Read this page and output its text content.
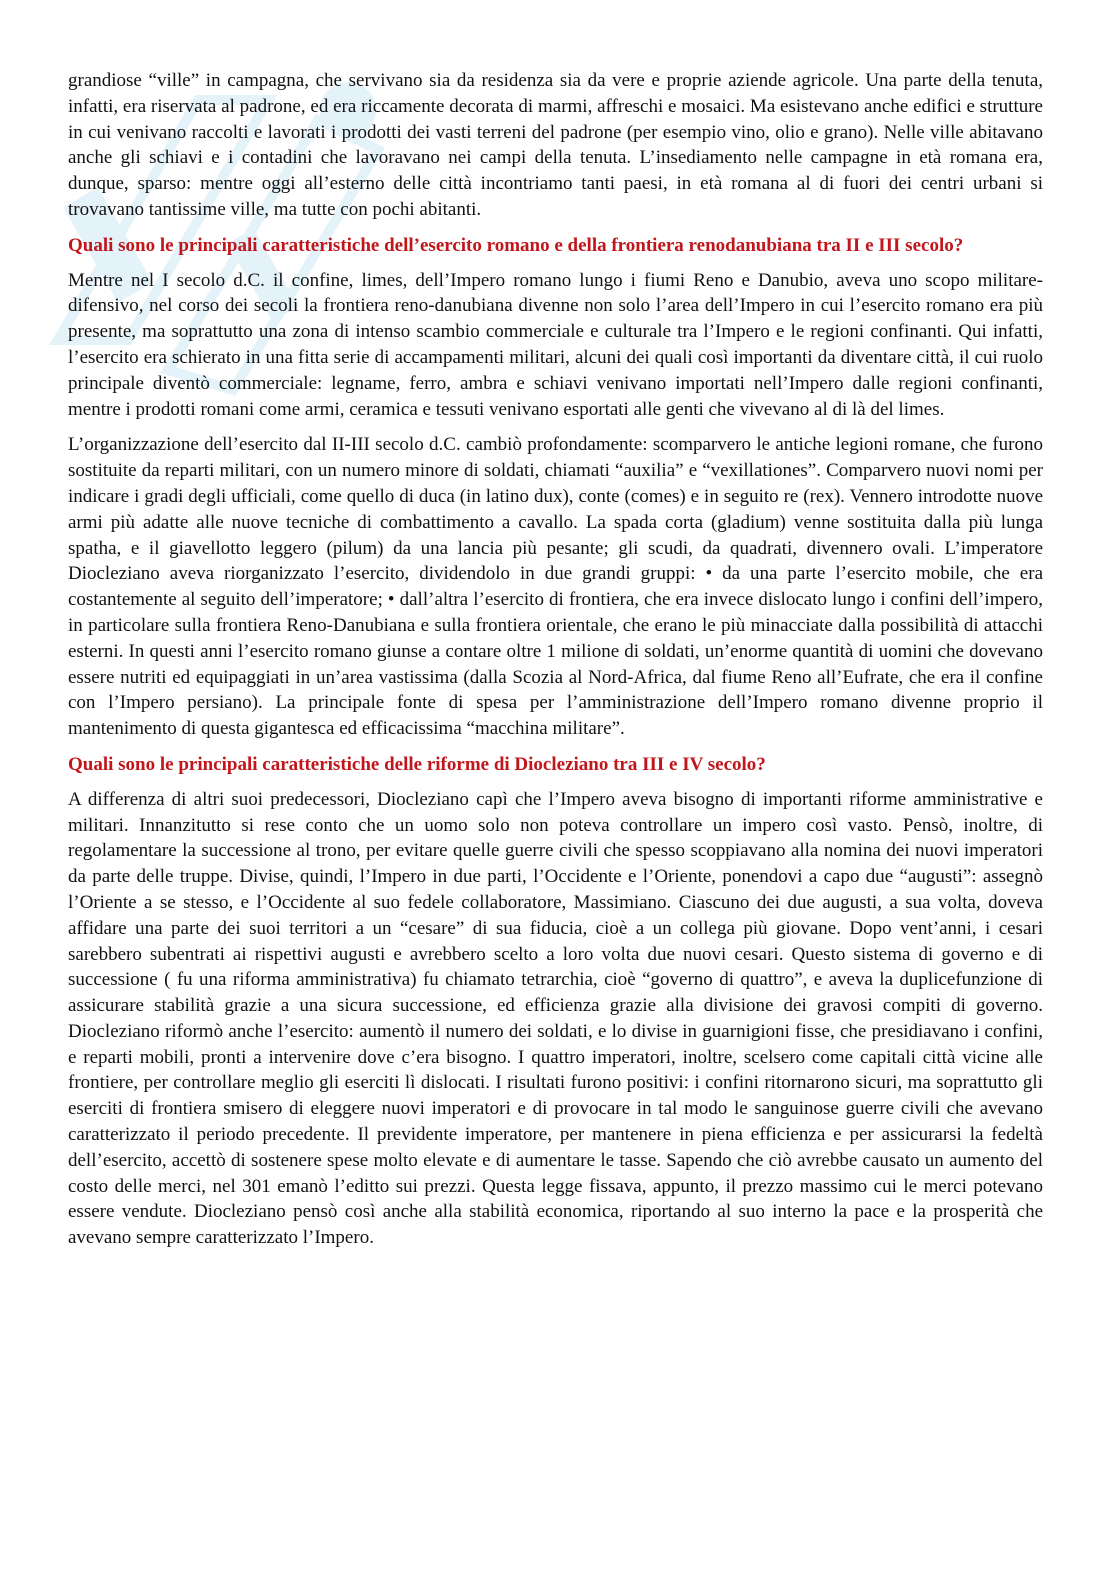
grandiose “ville” in campagna, che servivano sia da residenza sia da vere e proprie aziende agricole. Una parte della tenuta, infatti, era riservata al padrone, ed era riccamente decorata di marmi, affreschi e mosaici. Ma esistevano anche edifici e strutture in cui venivano raccolti e lavorati i prodotti dei vasti terreni del padrone (per esempio vino, olio e grano). Nelle ville abitavano anche gli schiavi e i contadini che lavoravano nei campi della tenuta. L’insediamento nelle campagne in età romana era, dunque, sparso: mentre oggi all’esterno delle città incontriamo tanti paesi, in età romana al di fuori dei centri urbani si trovavano tantissime ville, ma tutte con pochi abitanti.

Quali sono le principali caratteristiche dell’esercito romano e della frontiera renodanubiana tra II e III secolo?

Mentre nel I secolo d.C. il confine, limes, dell’Impero romano lungo i fiumi Reno e Danubio, aveva uno scopo militare-difensivo, nel corso dei secoli la frontiera reno-danubiana divenne non solo l’area dell’Impero in cui l’esercito romano era più presente, ma soprattutto una zona di intenso scambio commerciale e culturale tra l’Impero e le regioni confinanti. Qui infatti, l’esercito era schierato in una fitta serie di accampamenti militari, alcuni dei quali così importanti da diventare città, il cui ruolo principale diventò commerciale: legname, ferro, ambra e schiavi venivano importati nell’Impero dalle regioni confinanti, mentre i prodotti romani come armi, ceramica e tessuti venivano esportati alle genti che vivevano al di là del limes.

L’organizzazione dell’esercito dal II-III secolo d.C. cambiò profondamente: scomparvero le antiche legioni romane, che furono sostituite da reparti militari, con un numero minore di soldati, chiamati “auxilia” e “vexillationes”. Comparvero nuovi nomi per indicare i gradi degli ufficiali, come quello di duca (in latino dux), conte (comes) e in seguito re (rex). Vennero introdotte nuove armi più adatte alle nuove tecniche di combattimento a cavallo. La spada corta (gladium) venne sostituita dalla più lunga spatha, e il giavellotto leggero (pilum) da una lancia più pesante; gli scudi, da quadrati, divennero ovali. L’imperatore Diocleziano aveva riorganizzato l’esercito, dividendolo in due grandi gruppi: • da una parte l’esercito mobile, che era costantemente al seguito dell’imperatore; • dall’altra l’esercito di frontiera, che era invece dislocato lungo i confini dell’impero, in particolare sulla frontiera Reno-Danubiana e sulla frontiera orientale, che erano le più minacciate dalla possibilità di attacchi esterni. In questi anni l’esercito romano giunse a contare oltre 1 milione di soldati, un’enorme quantità di uomini che dovevano essere nutriti ed equipaggiati in un’area vastissima (dalla Scozia al Nord-Africa, dal fiume Reno all’Eufrate, che era il confine con l’Impero persiano). La principale fonte di spesa per l’amministrazione dell’Impero romano divenne proprio il mantenimento di questa gigantesca ed efficacissima “macchina militare”.

Quali sono le principali caratteristiche delle riforme di Diocleziano tra III e IV secolo?

A differenza di altri suoi predecessori, Diocleziano capì che l’Impero aveva bisogno di importanti riforme amministrative e militari. Innanzitutto si rese conto che un uomo solo non poteva controllare un impero così vasto. Pensò, inoltre, di regolamentare la successione al trono, per evitare quelle guerre civili che spesso scoppiavano alla nomina dei nuovi imperatori da parte delle truppe. Divise, quindi, l’Impero in due parti, l’Occidente e l’Oriente, ponendovi a capo due “augusti”: assegnò l’Oriente a se stesso, e l’Occidente al suo fedele collaboratore, Massimiano. Ciascuno dei due augusti, a sua volta, doveva affidare una parte dei suoi territori a un “cesare” di sua fiducia, cioè a un collega più giovane. Dopo vent’anni, i cesari sarebbero subentrati ai rispettivi augusti e avrebbero scelto a loro volta due nuovi cesari. Questo sistema di governo e di successione ( fu una riforma amministrativa) fu chiamato tetrarchia, cioè “governo di quattro”, e aveva la duplicefunzione di assicurare stabilità grazie a una sicura successione, ed efficienza grazie alla divisione dei gravosi compiti di governo. Diocleziano riformò anche l’esercito: aumentò il numero dei soldati, e lo divise in guarnigioni fisse, che presidiavano i confini, e reparti mobili, pronti a intervenire dove c’era bisogno. I quattro imperatori, inoltre, scelsero come capitali città vicine alle frontiere, per controllare meglio gli eserciti lì dislocati. I risultati furono positivi: i confini ritornarono sicuri, ma soprattutto gli eserciti di frontiera smisero di eleggere nuovi imperatori e di provocare in tal modo le sanguinose guerre civili che avevano caratterizzato il periodo precedente. Il previdente imperatore, per mantenere in piena efficienza e per assicurarsi la fedeltà dell’esercito, accettò di sostenere spese molto elevate e di aumentare le tasse. Sapendo che ciò avrebbe causato un aumento del costo delle merci, nel 301 emanò l’editto sui prezzi. Questa legge fissava, appunto, il prezzo massimo cui le merci potevano essere vendute. Diocleziano pensò così anche alla stabilità economica, riportando al suo interno la pace e la prosperità che avevano sempre caratterizzato l’Impero.
